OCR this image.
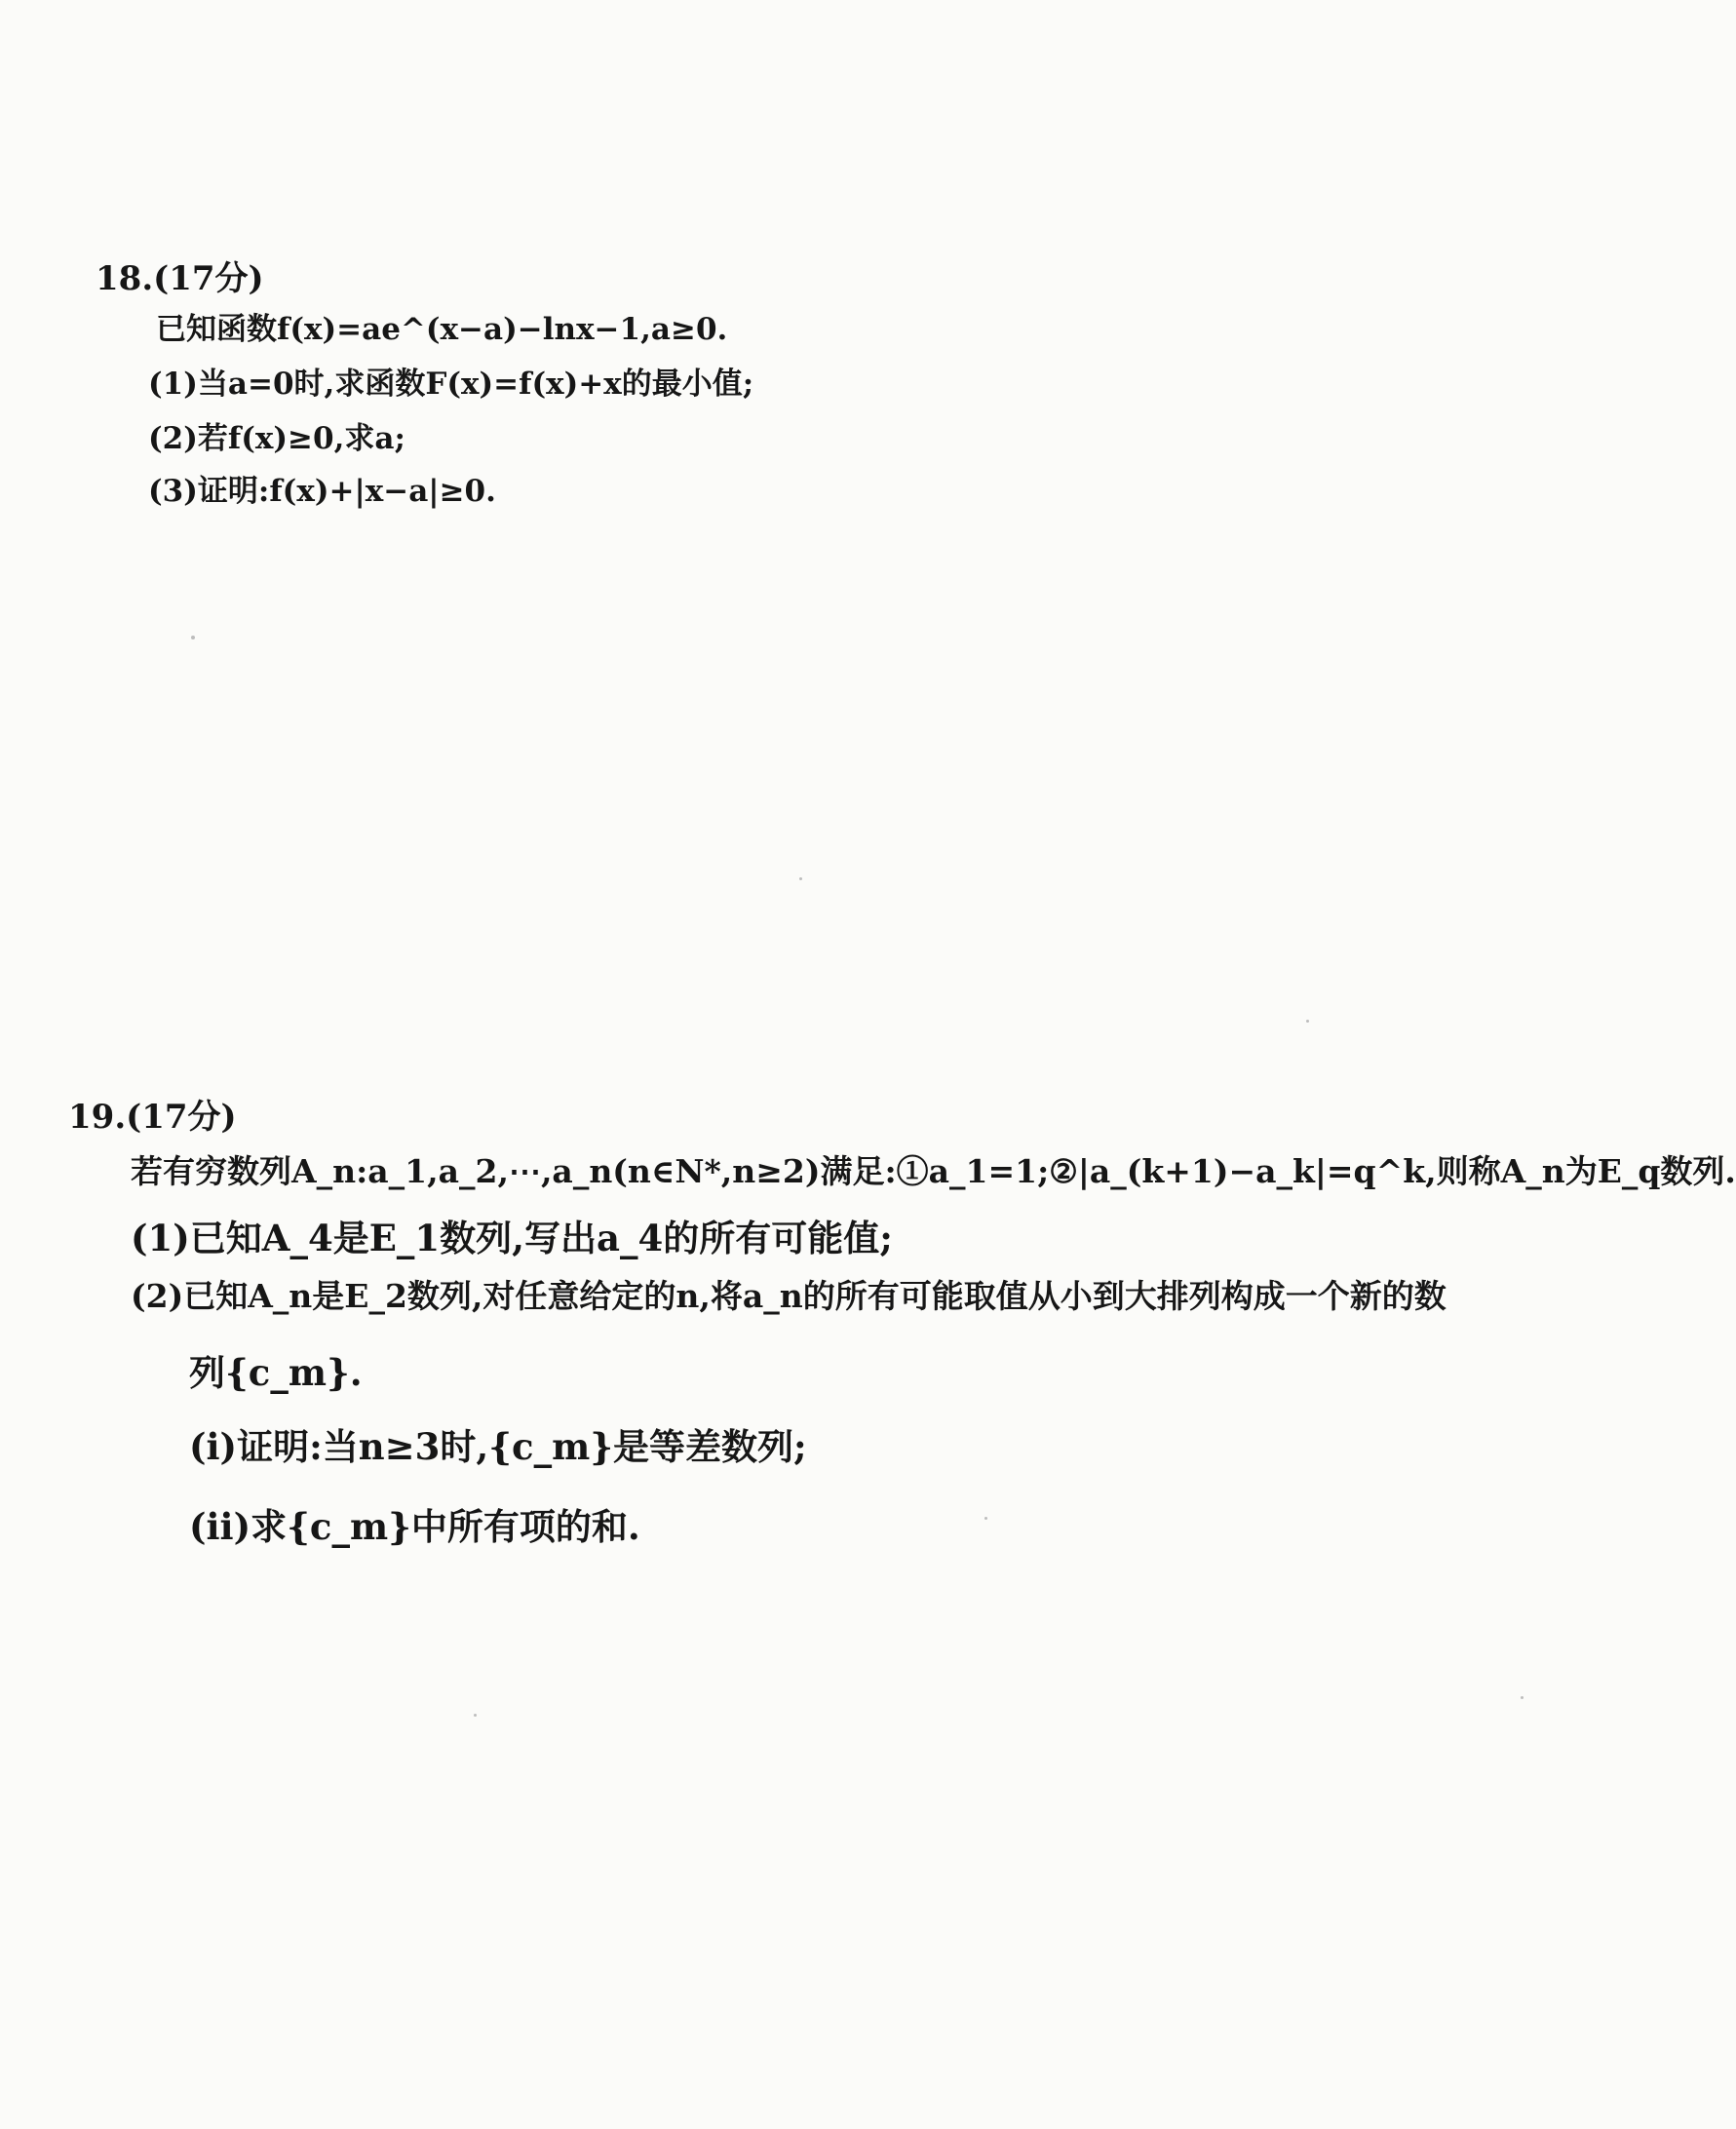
18.(17分)
已知函数f(x)=ae^(x−a)−lnx−1,a≥0.
(1)当a=0时,求函数F(x)=f(x)+x的最小值;
(2)若f(x)≥0,求a;
(3)证明:f(x)+|x−a|≥0.
19.(17分)
若有穷数列A_n:a_1,a_2,⋯,a_n(n∈N*,n≥2)满足:①a_1=1;②|a_(k+1)−a_k|=q^k,则称A_n为E_q数列.
(1)已知A_4是E_1数列,写出a_4的所有可能值;
(2)已知A_n是E_2数列,对任意给定的n,将a_n的所有可能取值从小到大排列构成一个新的数
列{c_m}.
(i)证明:当n≥3时,{c_m}是等差数列;
(ii)求{c_m}中所有项的和.
